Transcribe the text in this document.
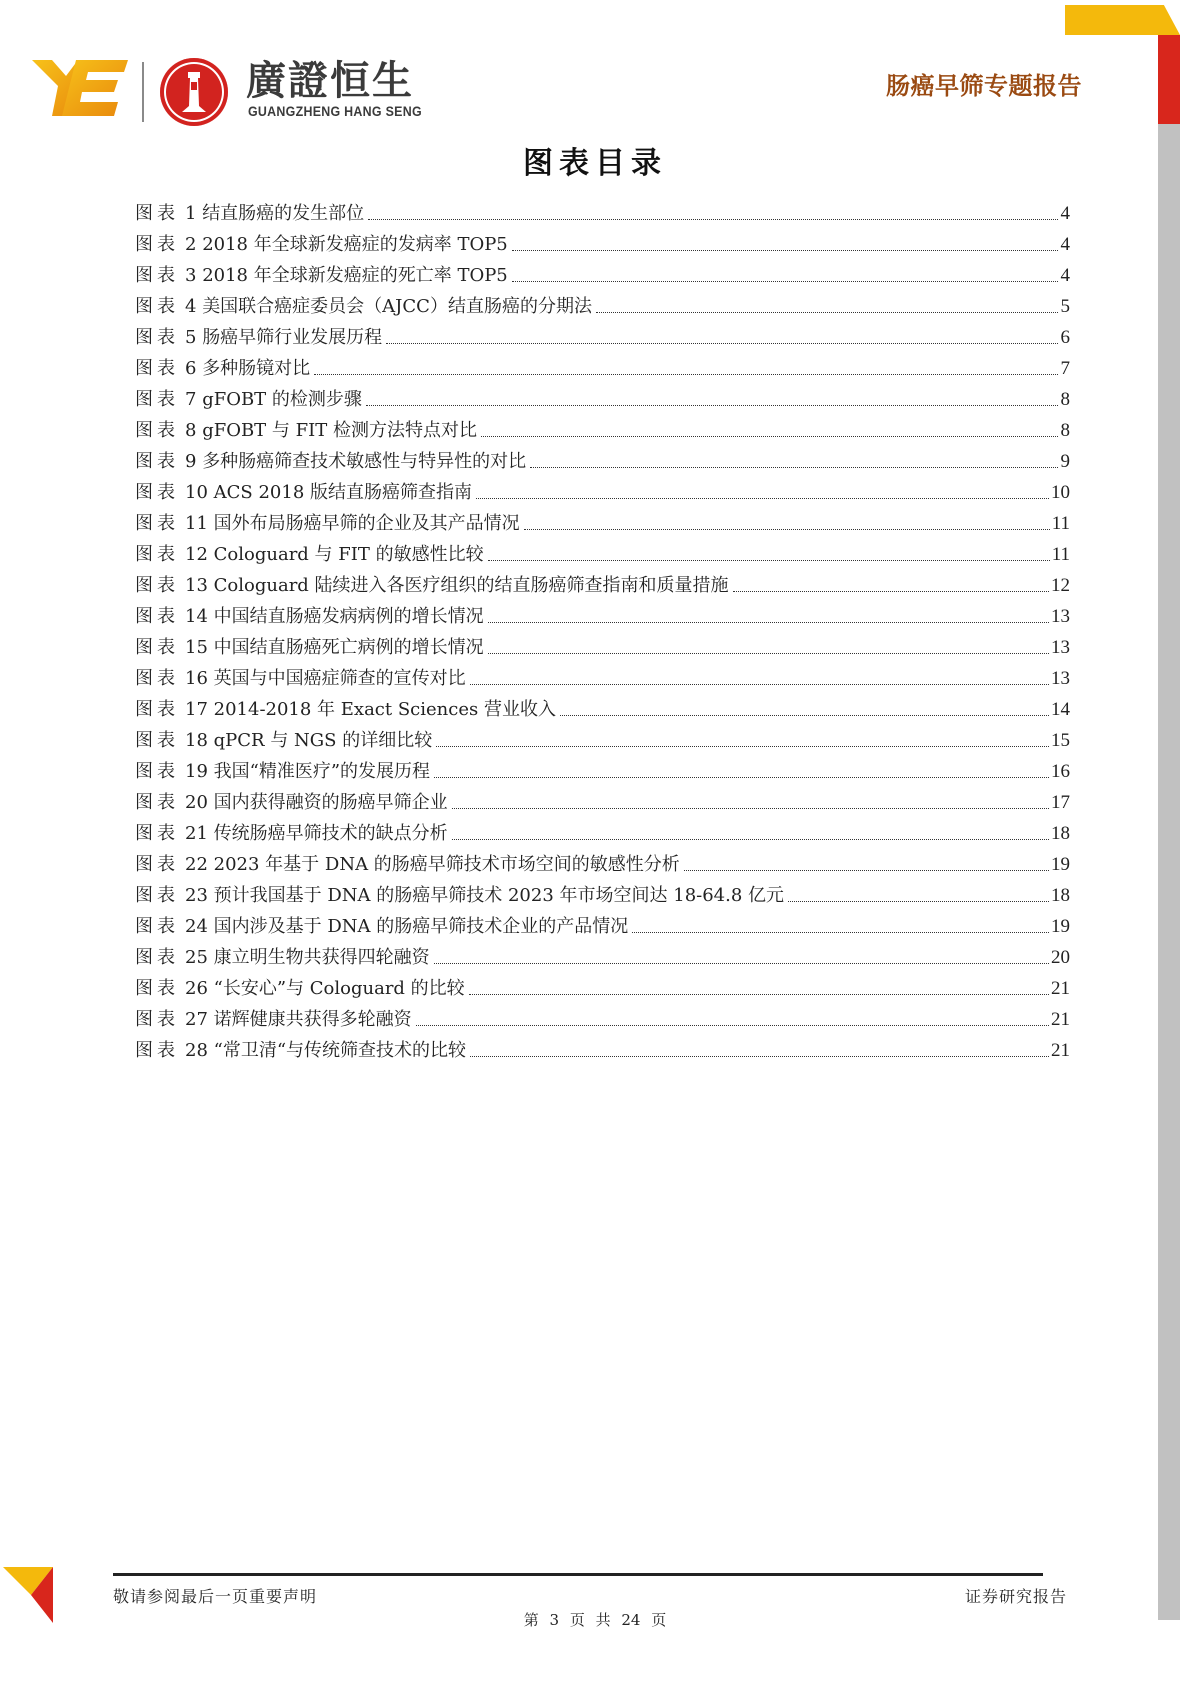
廣證恒生
GUANGZHENG HANG SENG
肠癌早筛专题报告
图表目录
图表 1 结直肠癌的发生部位	4
图表 2 2018 年全球新发癌症的发病率 TOP5	4
图表 3 2018 年全球新发癌症的死亡率 TOP5	4
图表 4 美国联合癌症委员会（AJCC）结直肠癌的分期法	5
图表 5 肠癌早筛行业发展历程	6
图表 6 多种肠镜对比	7
图表 7 gFOBT 的检测步骤	8
图表 8 gFOBT 与 FIT 检测方法特点对比	8
图表 9 多种肠癌筛查技术敏感性与特异性的对比	9
图表 10 ACS 2018 版结直肠癌筛查指南	10
图表 11 国外布局肠癌早筛的企业及其产品情况	11
图表 12 Cologuard 与 FIT 的敏感性比较	11
图表 13 Cologuard 陆续进入各医疗组织的结直肠癌筛查指南和质量措施	12
图表 14 中国结直肠癌发病病例的增长情况	13
图表 15 中国结直肠癌死亡病例的增长情况	13
图表 16 英国与中国癌症筛查的宣传对比	13
图表 17 2014-2018 年 Exact Sciences 营业收入	14
图表 18 qPCR 与 NGS 的详细比较	15
图表 19 我国“精准医疗”的发展历程	16
图表 20 国内获得融资的肠癌早筛企业	17
图表 21 传统肠癌早筛技术的缺点分析	18
图表 22 2023 年基于 DNA 的肠癌早筛技术市场空间的敏感性分析	19
图表 23 预计我国基于 DNA 的肠癌早筛技术 2023 年市场空间达 18-64.8 亿元	18
图表 24 国内涉及基于 DNA 的肠癌早筛技术企业的产品情况	19
图表 25 康立明生物共获得四轮融资	20
图表 26 “长安心”与 Cologuard 的比较	21
图表 27 诺辉健康共获得多轮融资	21
图表 28 “常卫清“与传统筛查技术的比较	21
敬请参阅最后一页重要声明	证券研究报告
第 3 页 共 24 页
